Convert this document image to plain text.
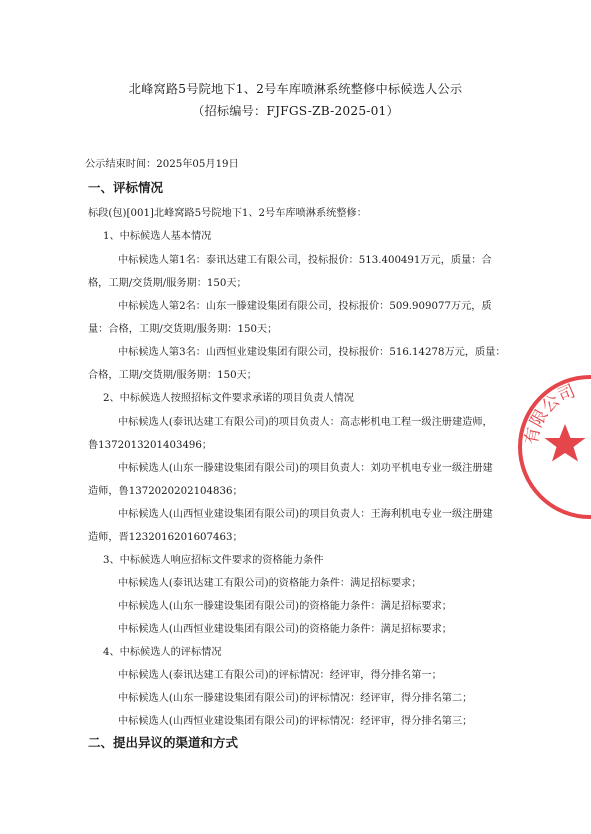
北峰窝路5号院地下1、2号车库喷淋系统整修中标候选人公示
（招标编号：FJFGS-ZB-2025-01）
公示结束时间：2025年05月19日
一、评标情况
标段(包)[001]北峰窝路5号院地下1、2号车库喷淋系统整修：
1、中标候选人基本情况
中标候选人第1名：泰讯达建工有限公司，投标报价：513.400491万元，质量：合
格，工期/交货期/服务期：150天；
中标候选人第2名：山东一滕建设集团有限公司，投标报价：509.909077万元，质
量：合格，工期/交货期/服务期：150天；
中标候选人第3名：山西恒业建设集团有限公司，投标报价：516.14278万元，质量：
合格，工期/交货期/服务期：150天；
2、中标候选人按照招标文件要求承诺的项目负责人情况
中标候选人(泰讯达建工有限公司)的项目负责人：高志彬机电工程一级注册建造师，
鲁1372013201403496；
中标候选人(山东一滕建设集团有限公司)的项目负责人：刘功平机电专业一级注册建
造师，鲁1372020202104836；
中标候选人(山西恒业建设集团有限公司)的项目负责人：王海利机电专业一级注册建
造师，晋1232016201607463；
3、中标候选人响应招标文件要求的资格能力条件
中标候选人(泰讯达建工有限公司)的资格能力条件：满足招标要求；
中标候选人(山东一滕建设集团有限公司)的资格能力条件：满足招标要求；
中标候选人(山西恒业建设集团有限公司)的资格能力条件：满足招标要求；
4、中标候选人的评标情况
中标候选人(泰讯达建工有限公司)的评标情况：经评审，得分排名第一；
中标候选人(山东一滕建设集团有限公司)的评标情况：经评审，得分排名第二；
中标候选人(山西恒业建设集团有限公司)的评标情况：经评审，得分排名第三；
二、提出异议的渠道和方式
有限公司
